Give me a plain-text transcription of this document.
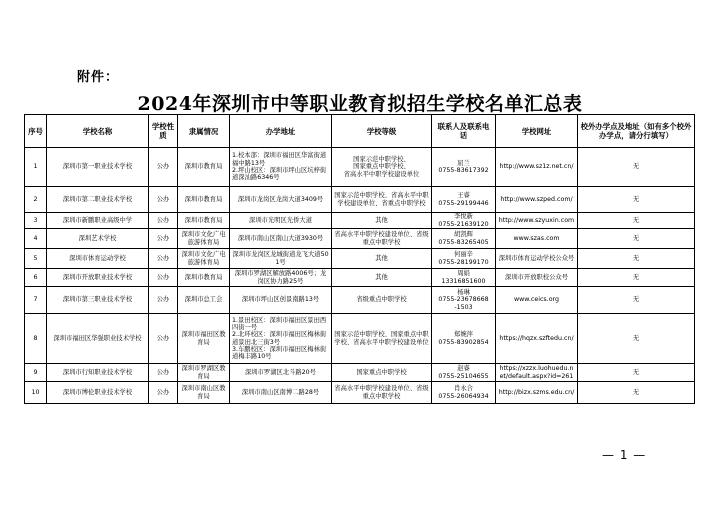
附件：
2024年深圳市中等职业教育拟招生学校名单汇总表
序号	学校名称	学校性质	隶属情况	办学地址	学校等级	联系人及联系电话	学校网址	校外办学点及地址（如有多个校外办学点，请分行填写）
1	深圳市第一职业技术学校	公办	深圳市教育局	1.校本部：深圳市福田区华富街道福中路13号
2.坪山校区：深圳市坪山区坑梓街道深汕路6346号	国家示范中职学校、
国家重点中职学校、
省高水平中职学校建设单位	屈兰
0755-83617392	http://www.sz1z.net.cn/	无
2	深圳市第二职业技术学校	公办	深圳市教育局	深圳市龙岗区龙岗大道3409号	国家示范中职学校、省高水平中职学校建设单位、省重点中职学校	王睿
0755-29199446	http://www.szped.com/	无
3	深圳市新鹏职业高级中学	公办	深圳市教育局	深圳市光明区光侨大道	其他	李悦新
0755-21639120	http://www.szyuxin.com	无
4	深圳艺术学校	公办	深圳市文化广电旅游体育局	深圳市南山区南山大道3930号	省高水平中职学校建设单位、省级重点中职学校	胡凯辉
0755-83265405	www.szas.com	无
5	深圳市体育运动学校	公办	深圳市文化广电旅游体育局	深圳市龙岗区龙城街道龙飞大道501号	其他	何丽辛
0755-28199170	深圳市体育运动学校公众号	无
6	深圳市开放职业技术学校	公办	深圳市教育局	深圳市罗湖区解放路4006号；龙岗区协力路25号	其他	周娟
13316851600	深圳市开放职校公众号	无
7	深圳市第三职业技术学校	公办	深圳市总工会	深圳市坪山区创景南路13号	省级重点中职学校	杨琳
0755-23678668
-1503	www.ceics.org	无
8	深圳市福田区华强职业技术学校	公办	深圳市福田区教育局	1.景田校区：深圳市福田区景田西四街一号
2.北环校区：深圳市福田区梅林街道景田北三街3号
3.车鹏校区：深圳市福田区梅林街道梅丰路10号	国家示范中职学校、国家重点中职学校、省高水平中职学校建设单位	郑婉萍
0755-83902854	https://hqzx.szftedu.cn/	无
9	深圳市行知职业技术学校	公办	深圳市罗湖区教育局	深圳市罗湖区北斗路20号	国家重点中职学校	赵睿
0755-25104655	https://xzzx.luohuedu.net/default.aspx?id=261	无
10	深圳市博伦职业技术学校	公办	深圳市南山区教育局	深圳市南山区南博二路28号	省高水平中职学校建设单位、省级重点中职学校	肖永合
0755-26064934	http://bizx.szms.edu.cn/	无
— 1 —
